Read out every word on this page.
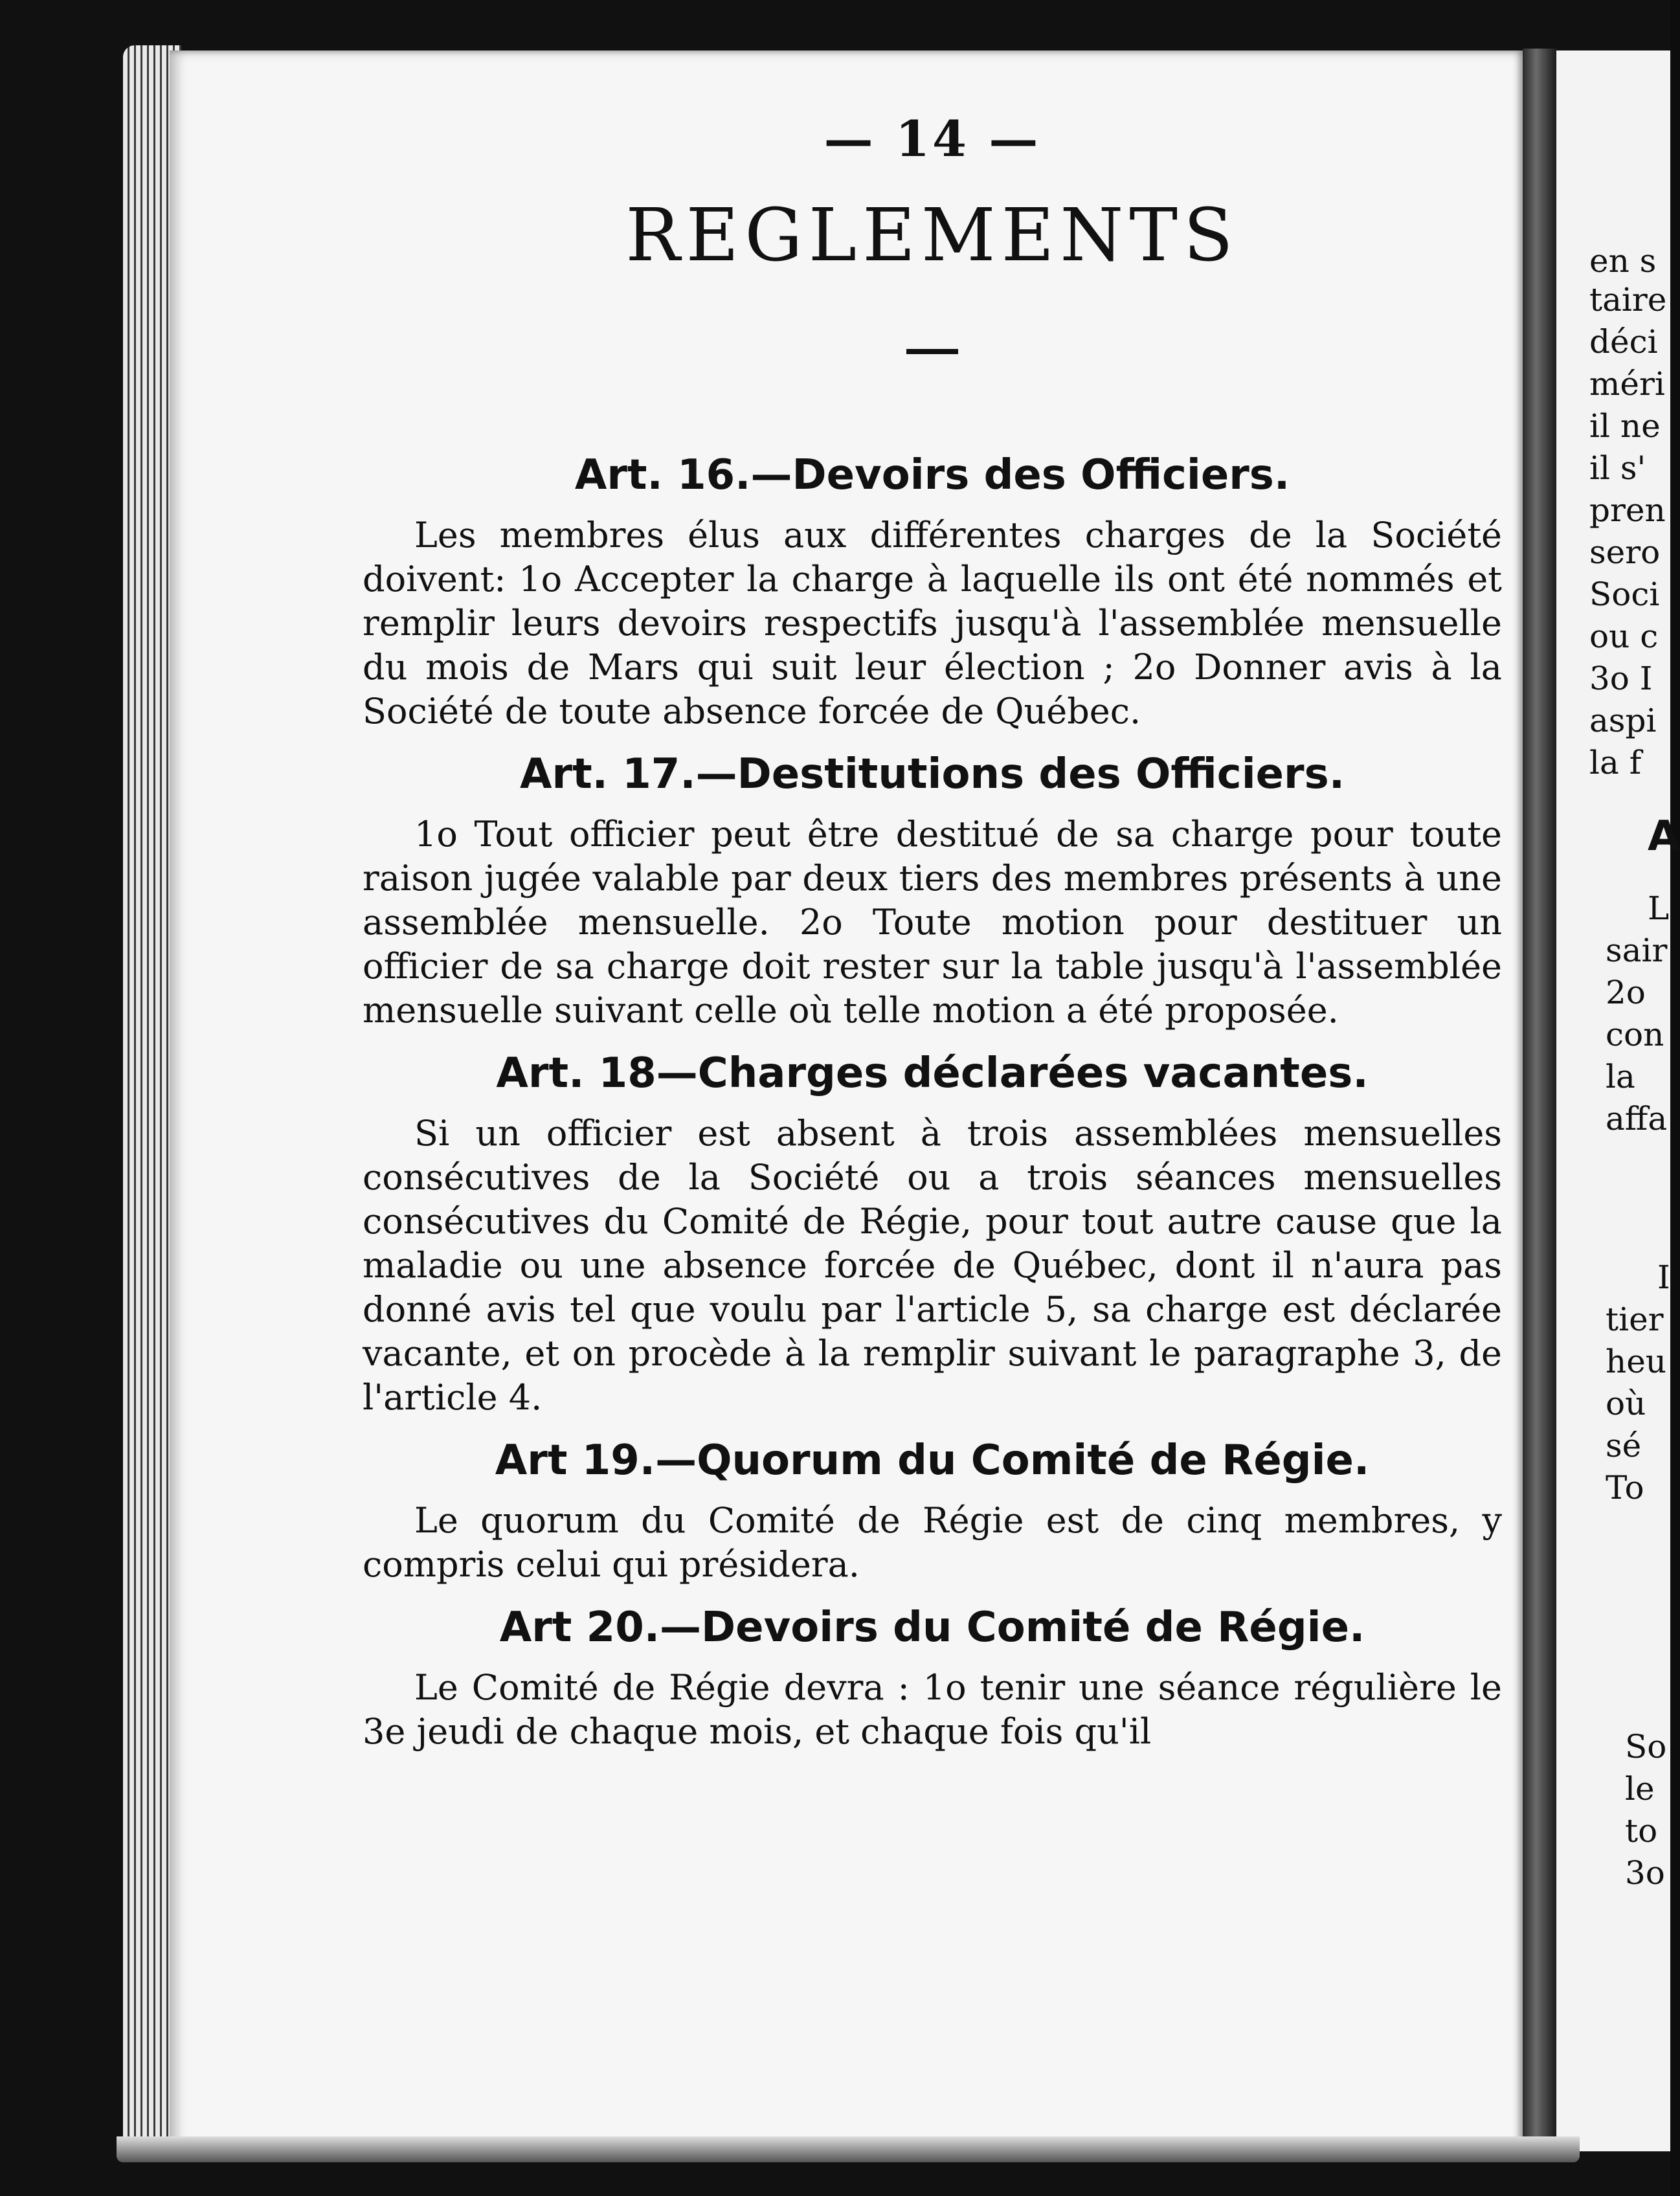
— 14 —

REGLEMENTS
Art. 16.—Devoirs des Officiers.

Les membres élus aux différentes charges de la Société doivent: 1o Accepter la charge à laquelle ils ont été nommés et remplir leurs devoirs respectifs jusqu'à l'assemblée mensuelle du mois de Mars qui suit leur élection ; 2o Donner avis à la Société de toute absence forcée de Québec.

Art. 17.—Destitutions des Officiers.

1o Tout officier peut être destitué de sa charge pour toute raison jugée valable par deux tiers des membres présents à une assemblée mensuelle. 2o Toute motion pour destituer un officier de sa charge doit rester sur la table jusqu'à l'assemblée mensuelle suivant celle où telle motion a été proposée.

Art. 18—Charges déclarées vacantes.

Si un officier est absent à trois assemblées mensuelles consécutives de la Société ou a trois séances mensuelles consécutives du Comité de Régie, pour tout autre cause que la maladie ou une absence forcée de Québec, dont il n'aura pas donné avis tel que voulu par l'article 5, sa charge est déclarée vacante, et on procède à la remplir suivant le paragraphe 3, de l'article 4.

Art 19.—Quorum du Comité de Régie.

Le quorum du Comité de Régie est de cinq membres, y compris celui qui présidera.

Art 20.—Devoirs du Comité de Régie.

Le Comité de Régie devra : 1o tenir une séance régulière le 3e jeudi de chaque mois, et chaque fois qu'il

en s
taire
déci
méri
il ne
il s'
pren
sero
Soci
ou c
3o I
aspi
la f
A
L
sair
2o
con
la
affa
I
tier
heu
où
sé
To
So
le
to
3o
